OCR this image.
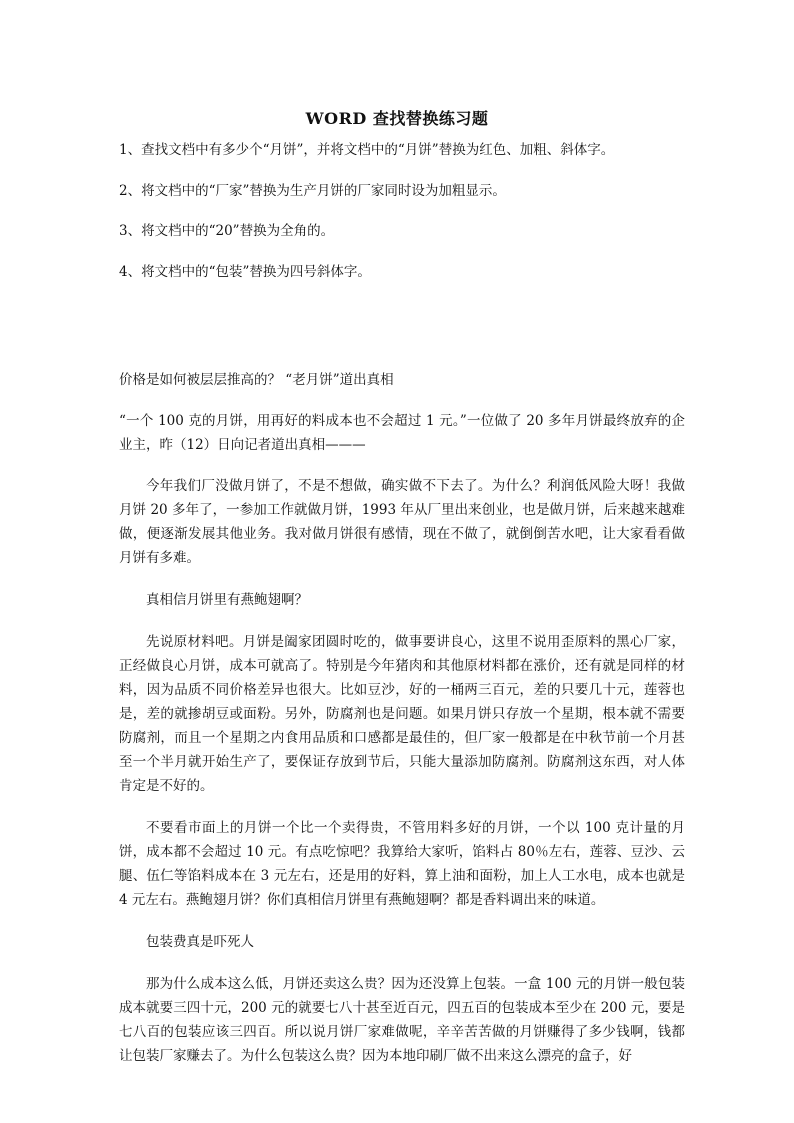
WORD 查找替换练习题
1、查找文档中有多少个“月饼”，并将文档中的“月饼”替换为红色、加粗、斜体字。
2、将文档中的“厂家”替换为生产月饼的厂家同时设为加粗显示。
3、将文档中的“20”替换为全角的。
4、将文档中的“包装”替换为四号斜体字。

价格是如何被层层推高的？ “老月饼”道出真相

“一个 100 克的月饼，用再好的料成本也不会超过 1 元。”一位做了 20 多年月饼最终放弃的企业主，昨（12）日向记者道出真相———

今年我们厂没做月饼了，不是不想做，确实做不下去了。为什么？利润低风险大呀！我做月饼 20 多年了，一参加工作就做月饼，1993 年从厂里出来创业，也是做月饼，后来越来越难做，便逐渐发展其他业务。我对做月饼很有感情，现在不做了，就倒倒苦水吧，让大家看看做月饼有多难。

真相信月饼里有燕鲍翅啊？

先说原材料吧。月饼是阖家团圆时吃的，做事要讲良心，这里不说用歪原料的黑心厂家，正经做良心月饼，成本可就高了。特别是今年猪肉和其他原材料都在涨价，还有就是同样的材料，因为品质不同价格差异也很大。比如豆沙，好的一桶两三百元，差的只要几十元，莲蓉也是，差的就掺胡豆或面粉。另外，防腐剂也是问题。如果月饼只存放一个星期，根本就不需要防腐剂，而且一个星期之内食用品质和口感都是最佳的，但厂家一般都是在中秋节前一个月甚至一个半月就开始生产了，要保证存放到节后，只能大量添加防腐剂。防腐剂这东西，对人体肯定是不好的。

不要看市面上的月饼一个比一个卖得贵，不管用料多好的月饼，一个以 100 克计量的月饼，成本都不会超过 10 元。有点吃惊吧？我算给大家听，馅料占 80％左右，莲蓉、豆沙、云腿、伍仁等馅料成本在 3 元左右，还是用的好料，算上油和面粉，加上人工水电，成本也就是 4 元左右。燕鲍翅月饼？你们真相信月饼里有燕鲍翅啊？都是香料调出来的味道。

包装费真是吓死人

那为什么成本这么低，月饼还卖这么贵？因为还没算上包装。一盒 100 元的月饼一般包装成本就要三四十元，200 元的就要七八十甚至近百元，四五百的包装成本至少在 200 元，要是七八百的包装应该三四百。所以说月饼厂家难做呢，辛辛苦苦做的月饼赚得了多少钱啊，钱都让包装厂家赚去了。为什么包装这么贵？因为本地印刷厂做不出来这么漂亮的盒子，好
